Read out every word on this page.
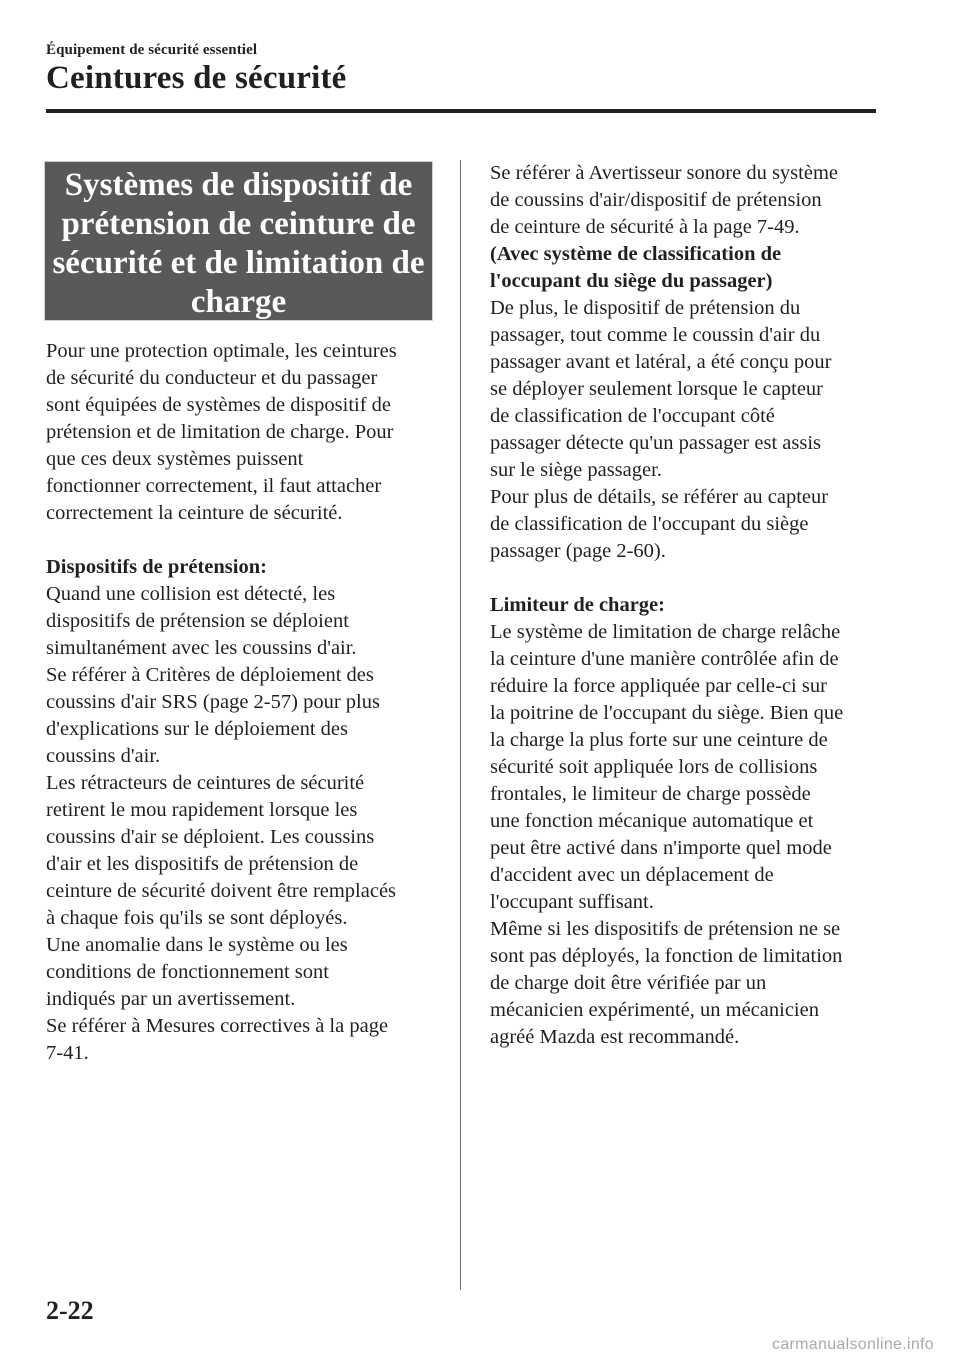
Équipement de sécurité essentiel
Ceintures de sécurité
Systèmes de dispositif de
prétension de ceinture de
sécurité et de limitation de
charge

Pour une protection optimale, les ceintures

de sécurité du conducteur et du passager

sont équipées de systèmes de dispositif de

prétension et de limitation de charge. Pour

que ces deux systèmes puissent

fonctionner correctement, il faut attacher

correctement la ceinture de sécurité.

Dispositifs de prétension:

Quand une collision est détecté, les

dispositifs de prétension se déploient

simultanément avec les coussins d'air.

Se référer à Critères de déploiement des

coussins d'air SRS (page 2-57) pour plus

d'explications sur le déploiement des

coussins d'air.

Les rétracteurs de ceintures de sécurité

retirent le mou rapidement lorsque les

coussins d'air se déploient. Les coussins

d'air et les dispositifs de prétension de

ceinture de sécurité doivent être remplacés

à chaque fois qu'ils se sont déployés.

Une anomalie dans le système ou les

conditions de fonctionnement sont

indiqués par un avertissement.

Se référer à Mesures correctives à la page

7-41.

Se référer à Avertisseur sonore du système

de coussins d'air/dispositif de prétension

de ceinture de sécurité à la page 7-49.

(Avec système de classification de

l'occupant du siège du passager)

De plus, le dispositif de prétension du

passager, tout comme le coussin d'air du

passager avant et latéral, a été conçu pour

se déployer seulement lorsque le capteur

de classification de l'occupant côté

passager détecte qu'un passager est assis

sur le siège passager.

Pour plus de détails, se référer au capteur

de classification de l'occupant du siège

passager (page 2-60).

Limiteur de charge:

Le système de limitation de charge relâche

la ceinture d'une manière contrôlée afin de

réduire la force appliquée par celle-ci sur

la poitrine de l'occupant du siège. Bien que

la charge la plus forte sur une ceinture de

sécurité soit appliquée lors de collisions

frontales, le limiteur de charge possède

une fonction mécanique automatique et

peut être activé dans n'importe quel mode

d'accident avec un déplacement de

l'occupant suffisant.

Même si les dispositifs de prétension ne se

sont pas déployés, la fonction de limitation

de charge doit être vérifiée par un

mécanicien expérimenté, un mécanicien

agréé Mazda est recommandé.

2-22
carmanualsonline.info
